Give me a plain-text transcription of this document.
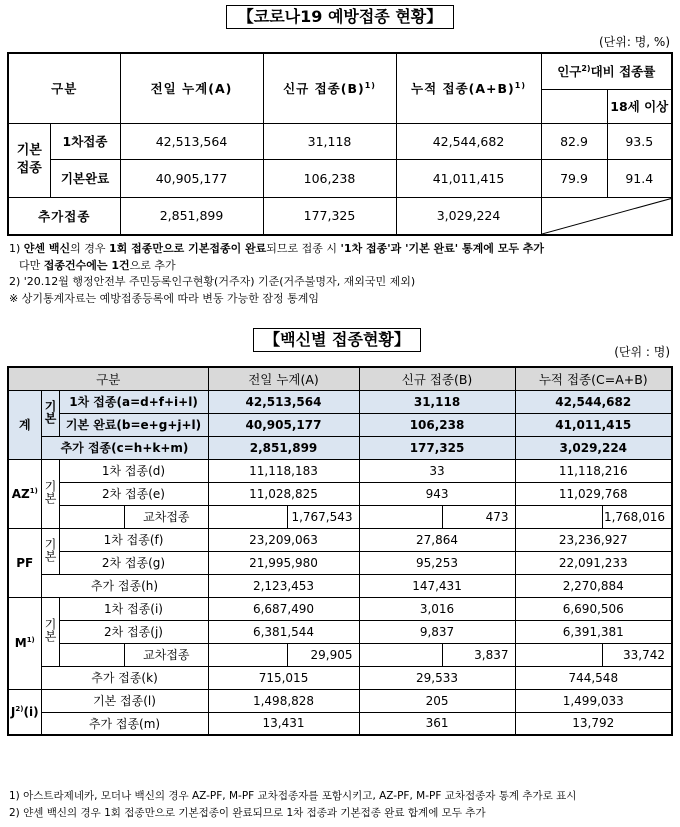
【코로나19 예방접종 현황】
(단위: 명, %)
구분		전일 누계(A)	신규 접종$(B)^{1)}$	누적 접종$(A+B)^{1)}$	인구$^{2)}$대비 접종률	
						18세 이상
기본
접종	1차접종	42,513,564	31,118	42,544,682	82.9	93.5
	기본완료	40,905,177	106,238	41,011,415	79.9	91.4
추가접종		2,851,899	177,325	3,029,224	
1) 얀센 백신의 경우 1회 접종만으로 기본접종이 완료되므로 접종 시 '1차 접종'과 '기본 완료' 통계에 모두 추가
다만 접종건수에는 1건으로 추가
2) '20.12월 행정안전부 주민등록인구현황(거주자) 기준(거주불명자, 재외국민 제외)
※ 상기통계자료는 예방접종등록에 따라 변동 가능한 잠정 통계임
【백신별 접종현황】
(단위 : 명)
구분			전일 누계(A)	신규 접종(B)	누적 접종(C=A+B)
계	기본	1차 접종(a=d+f+i+l)	42,513,564	31,118	42,544,682
		기본 완료(b=e+g+j+l)	40,905,177	106,238	41,011,415
	추가 접종(c=h+k+m)		2,851,899	177,325	3,029,224
AZ$^{1)}$	기본	1차 접종(d)	11,118,183	33	11,118,216
		2차 접종(e)	11,028,825	943	11,029,768

교차접종	1,767,543	473	1,768,016

PF	기본	1차 접종(f)	23,209,063	27,864	23,236,927
		2차 접종(g)	21,995,980	95,253	22,091,233
	추가 접종(h)		2,123,453	147,431	2,270,884
$M^{1)}$	기본	1차 접종(i)	6,687,490	3,016	6,690,506
		2차 접종(j)	6,381,544	9,837	6,391,381

교차접종	29,905	3,837	33,742

	추가 접종(k)		715,015	29,533	744,548
$J^{2)}(i)$	기본 접종(l)		1,498,828	205	1,499,033
	추가 접종(m)		13,431	361	13,792
1) 아스트라제네카, 모더나 백신의 경우 AZ-PF, M-PF 교차접종자를 포함시키고, AZ-PF, M-PF 교차접종자 통계 추가로 표시
2) 얀센 백신의 경우 1회 접종만으로 기본접종이 완료되므로 1차 접종과 기본접종 완료 합계에 모두 추가
